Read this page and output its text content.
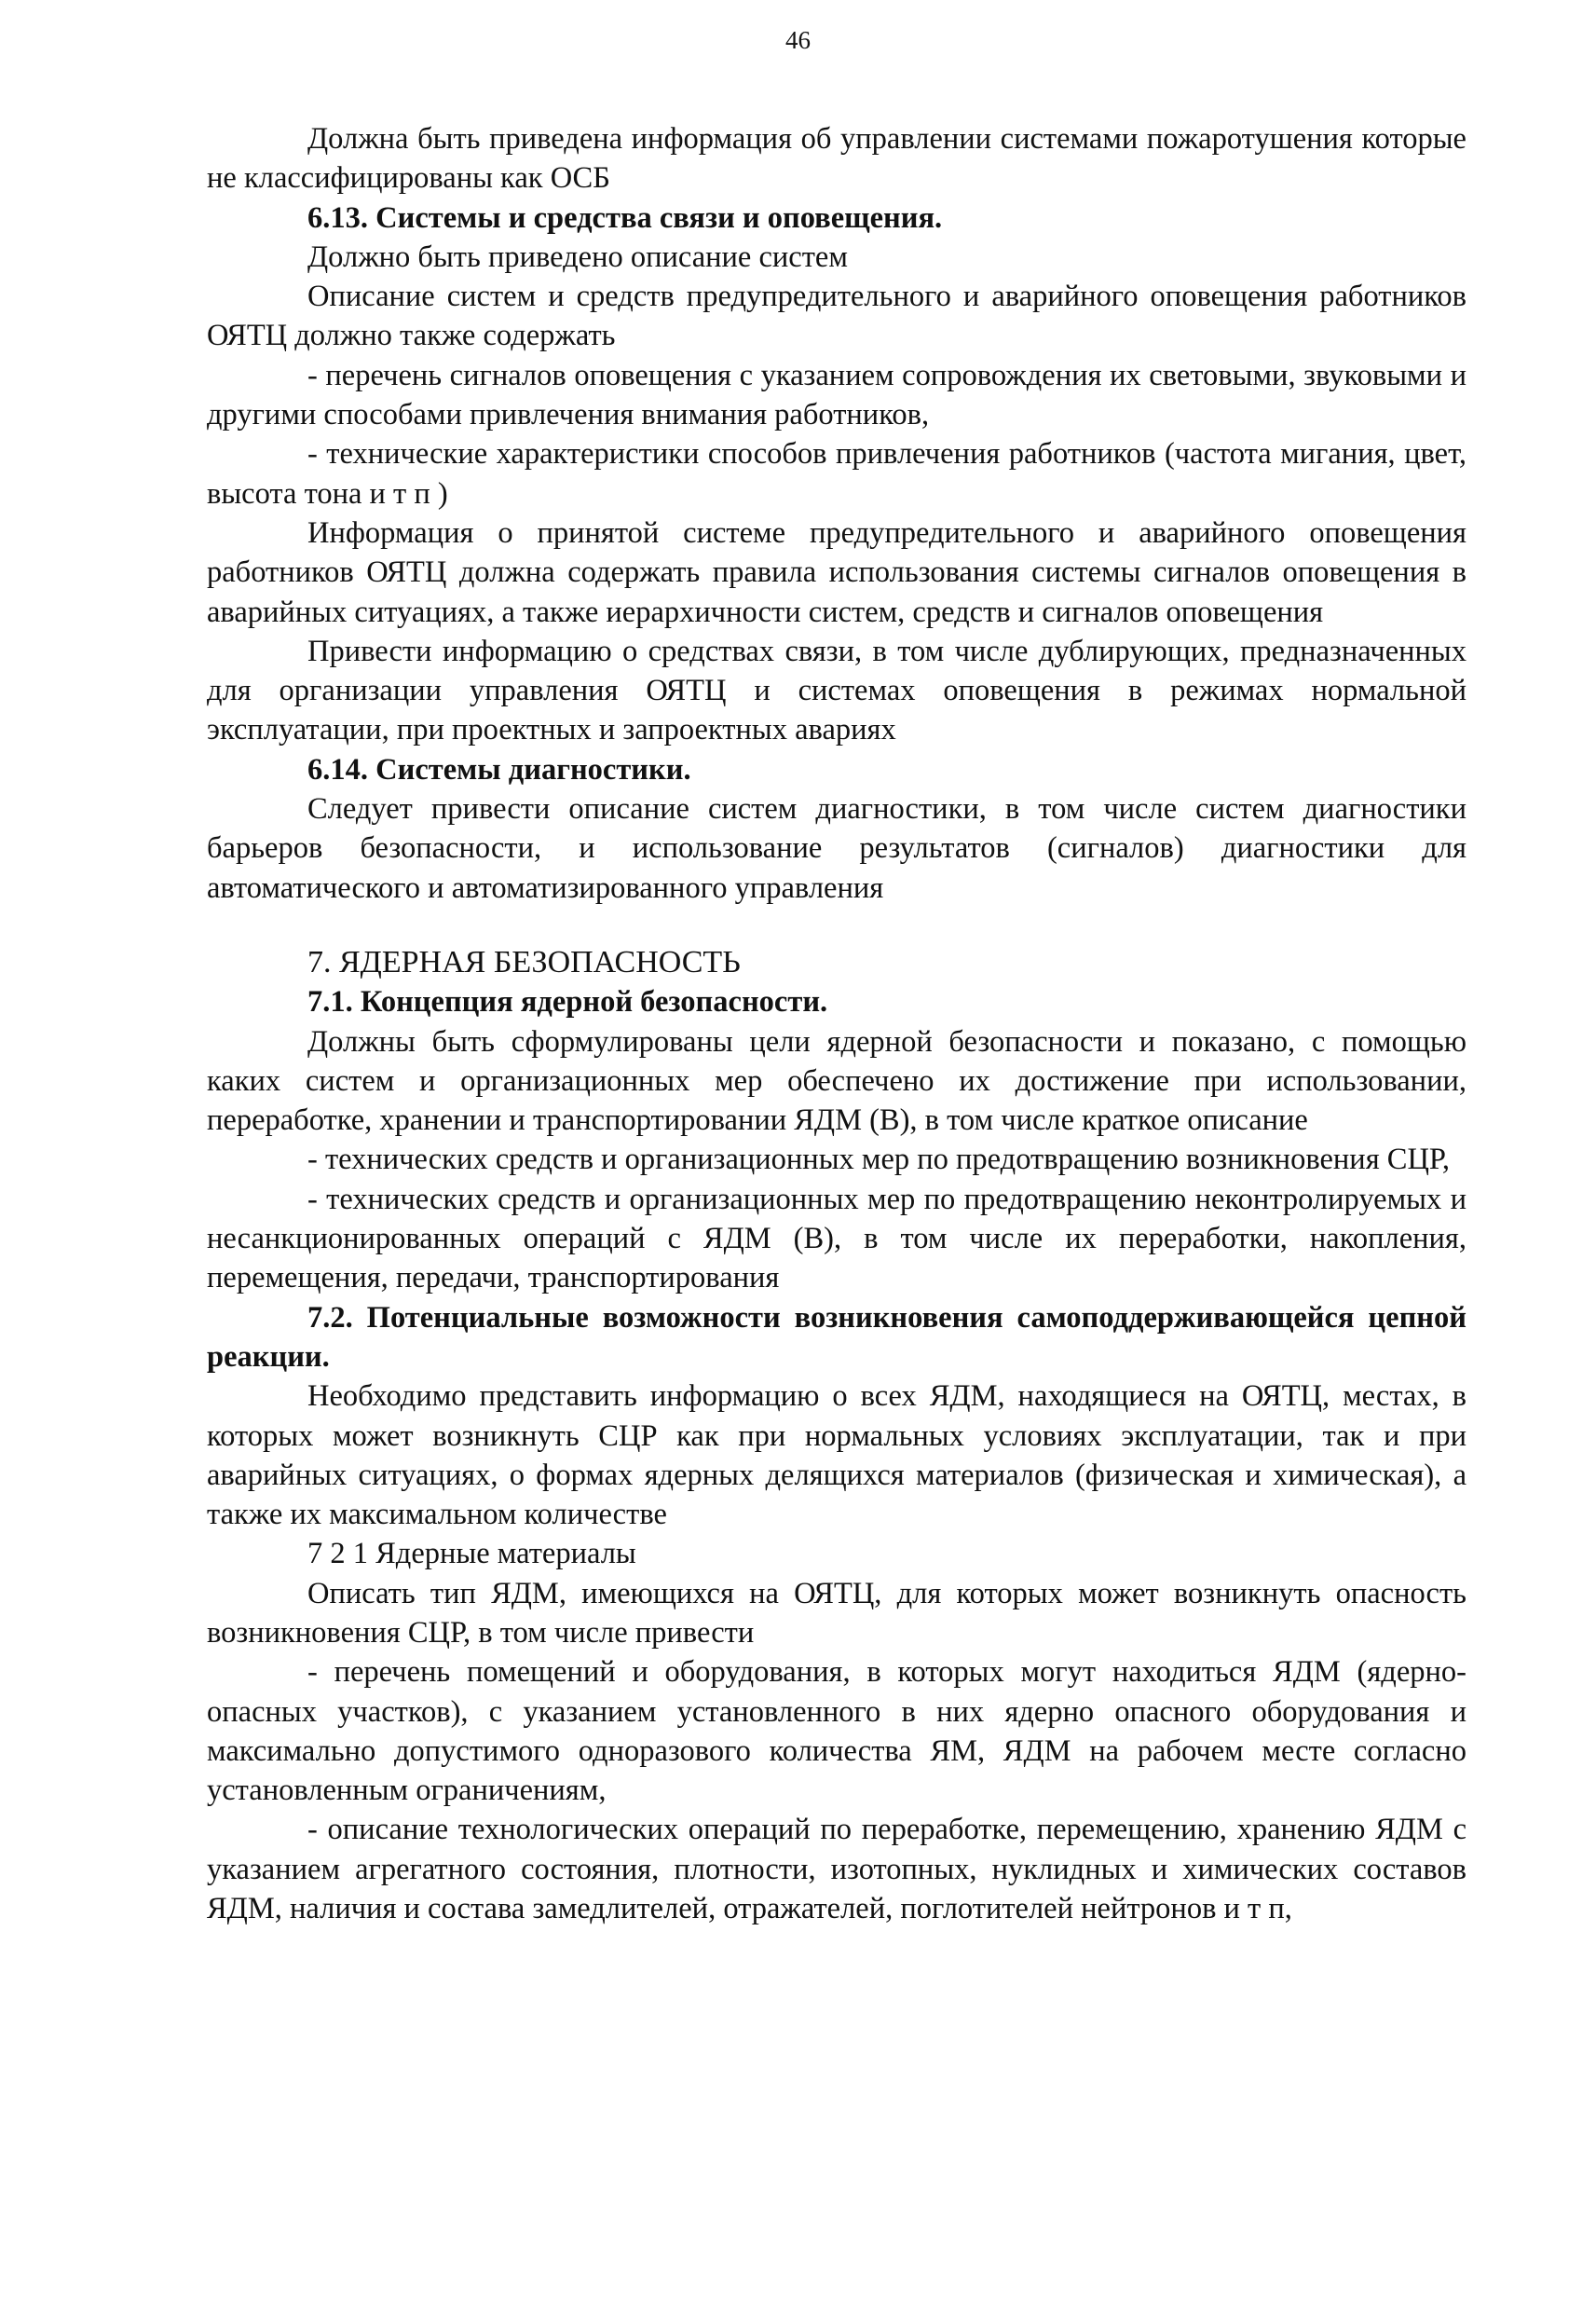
46

Должна быть приведена информация об управлении системами пожаротушения которые не классифицированы как ОСБ

6.13. Системы и средства связи и оповещения.

Должно быть приведено описание систем

Описание систем и средств предупредительного и аварийного оповещения работников ОЯТЦ должно также содержать

- перечень сигналов оповещения с указанием сопровождения их световыми, звуковыми и другими способами привлечения внимания работников,

- технические характеристики способов привлечения работников (частота мигания, цвет, высота тона и т п )

Информация о принятой системе предупредительного и аварийного оповещения работников ОЯТЦ должна содержать правила использования системы сигналов оповещения в аварийных ситуациях, а также иерархичности систем, средств и сигналов оповещения

Привести информацию о средствах связи, в том числе дублирующих, предназначенных для организации управления ОЯТЦ и системах оповещения в режимах нормальной эксплуатации, при проектных и запроектных авариях

6.14. Системы диагностики.

Следует привести описание систем диагностики, в том числе систем диагностики барьеров безопасности, и использование результатов (сигналов) диагностики для автоматического и автоматизированного управления

7. ЯДЕРНАЯ БЕЗОПАСНОСТЬ

7.1. Концепция ядерной безопасности.

Должны быть сформулированы цели ядерной безопасности и показано, с помощью каких систем и организационных мер обеспечено их достижение при использовании, переработке, хранении и транспортировании ЯДМ (В), в том числе краткое описание

- технических средств и организационных мер по предотвращению возникновения СЦР,

- технических средств и организационных мер по предотвращению неконтролируемых и несанкционированных операций с ЯДМ (В), в том числе их переработки, накопления, перемещения, передачи, транспортирования

7.2. Потенциальные возможности возникновения самоподдерживающейся цепной реакции.

Необходимо представить информацию о всех ЯДМ, находящиеся на ОЯТЦ, местах, в которых может возникнуть СЦР как при нормальных условиях эксплуатации, так и при аварийных ситуациях, о формах ядерных делящихся материалов (физическая и химическая), а также их максимальном количестве

7 2 1 Ядерные материалы

Описать тип ЯДМ, имеющихся на ОЯТЦ, для которых может возникнуть опасность возникновения СЦР, в том числе привести

- перечень помещений и оборудования, в которых могут находиться ЯДМ (ядерно-опасных участков), с указанием установленного в них ядерно опасного оборудования и максимально допустимого одноразового количества ЯМ, ЯДМ на рабочем месте согласно установленным ограничениям,

- описание технологических операций по переработке, перемещению, хранению ЯДМ с указанием агрегатного состояния, плотности, изотопных, нуклидных и химических составов ЯДМ, наличия и состава замедлителей, отражателей, поглотителей нейтронов и т п,
